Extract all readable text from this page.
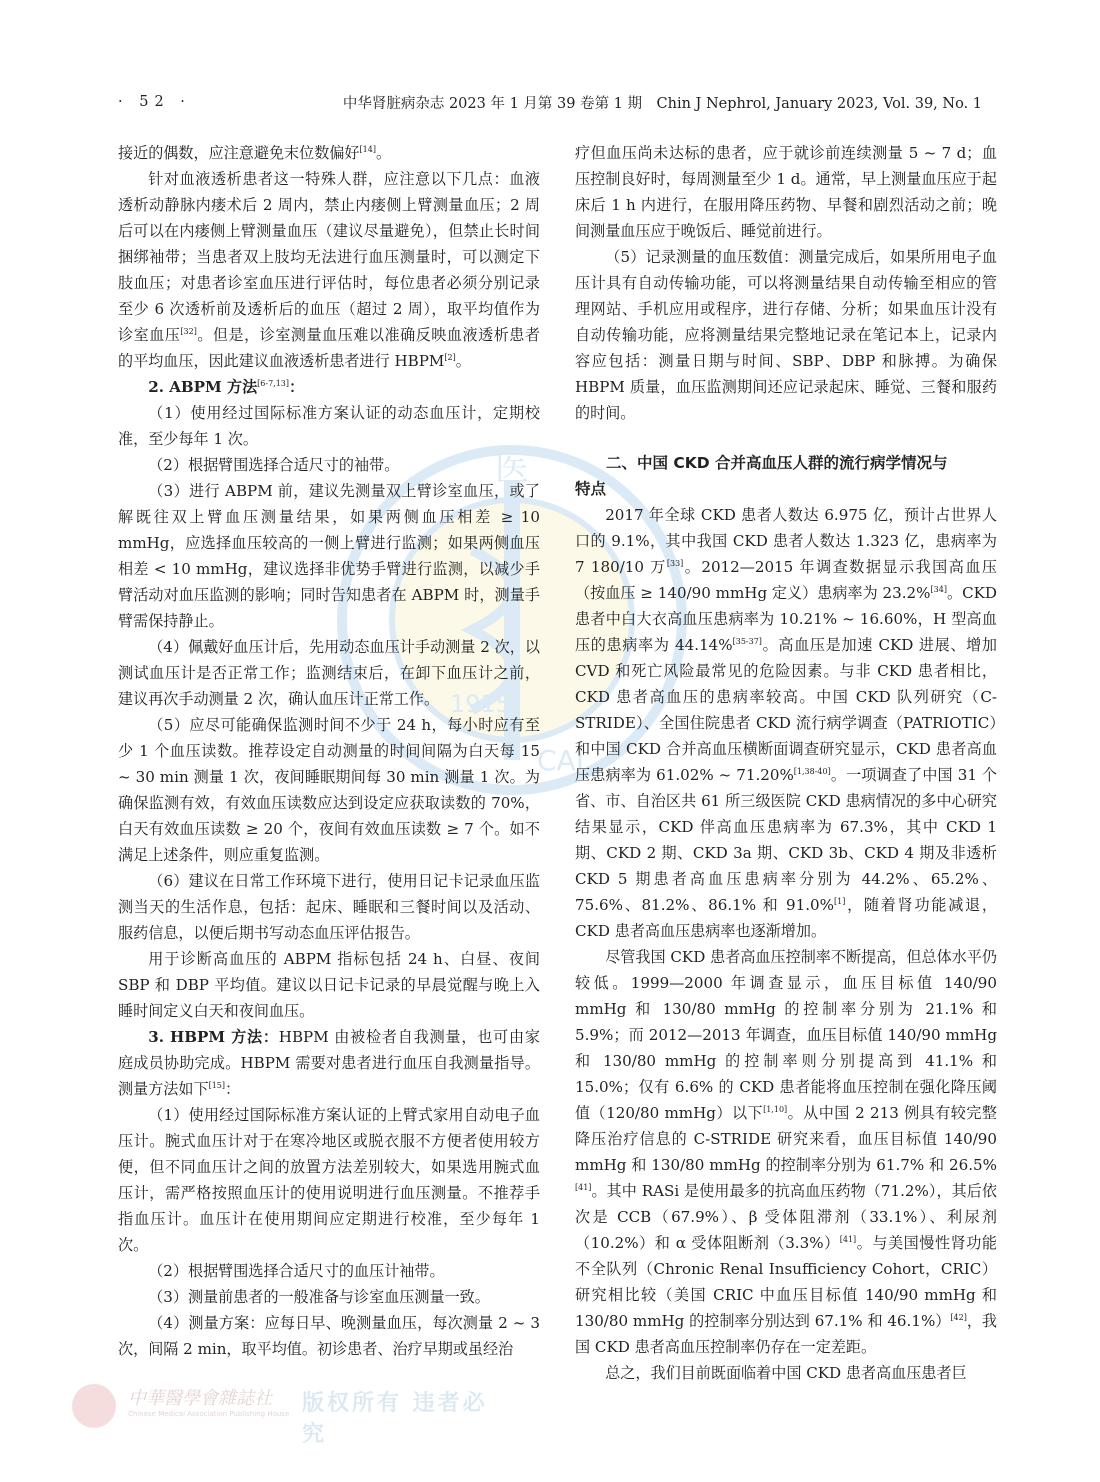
医
1915
CAL
· 52 ·	中华肾脏病杂志 2023 年 1 月第 39 卷第 1 期　Chin J Nephrol, January 2023, Vol. 39, No. 1

接近的偶数，应注意避免末位数偏好[14]。

针对血液透析患者这一特殊人群，应注意以下几点：血液透析动静脉内瘘术后 2 周内，禁止内瘘侧上臂测量血压；2 周后可以在内瘘侧上臂测量血压（建议尽量避免），但禁止长时间捆绑袖带；当患者双上肢均无法进行血压测量时，可以测定下肢血压；对患者诊室血压进行评估时，每位患者必须分别记录至少 6 次透析前及透析后的血压（超过 2 周），取平均值作为诊室血压[32]。但是，诊室测量血压难以准确反映血液透析患者的平均血压，因此建议血液透析患者进行 HBPM[2]。

2. ABPM 方法[6-7,13]：

（1）使用经过国际标准方案认证的动态血压计，定期校准，至少每年 1 次。

（2）根据臂围选择合适尺寸的袖带。

（3）进行 ABPM 前，建议先测量双上臂诊室血压，或了解既往双上臂血压测量结果，如果两侧血压相差 ≥ 10 mmHg，应选择血压较高的一侧上臂进行监测；如果两侧血压相差 < 10 mmHg，建议选择非优势手臂进行监测，以减少手臂活动对血压监测的影响；同时告知患者在 ABPM 时，测量手臂需保持静止。

（4）佩戴好血压计后，先用动态血压计手动测量 2 次，以测试血压计是否正常工作；监测结束后，在卸下血压计之前，建议再次手动测量 2 次，确认血压计正常工作。

（5）应尽可能确保监测时间不少于 24 h，每小时应有至少 1 个血压读数。推荐设定自动测量的时间间隔为白天每 15 ~ 30 min 测量 1 次，夜间睡眠期间每 30 min 测量 1 次。为确保监测有效，有效血压读数应达到设定应获取读数的 70%，白天有效血压读数 ≥ 20 个，夜间有效血压读数 ≥ 7 个。如不满足上述条件，则应重复监测。

（6）建议在日常工作环境下进行，使用日记卡记录血压监测当天的生活作息，包括：起床、睡眠和三餐时间以及活动、服药信息，以便后期书写动态血压评估报告。

用于诊断高血压的 ABPM 指标包括 24 h、白昼、夜间 SBP 和 DBP 平均值。建议以日记卡记录的早晨觉醒与晚上入睡时间定义白天和夜间血压。

3. HBPM 方法：HBPM 由被检者自我测量，也可由家庭成员协助完成。HBPM 需要对患者进行血压自我测量指导。测量方法如下[15]：

（1）使用经过国际标准方案认证的上臂式家用自动电子血压计。腕式血压计对于在寒冷地区或脱衣服不方便者使用较方便，但不同血压计之间的放置方法差别较大，如果选用腕式血压计，需严格按照血压计的使用说明进行血压测量。不推荐手指血压计。血压计在使用期间应定期进行校准，至少每年 1 次。

（2）根据臂围选择合适尺寸的血压计袖带。

（3）测量前患者的一般准备与诊室血压测量一致。

（4）测量方案：应每日早、晚测量血压，每次测量 2 ~ 3 次，间隔 2 min，取平均值。初诊患者、治疗早期或虽经治

疗但血压尚未达标的患者，应于就诊前连续测量 5 ~ 7 d；血压控制良好时，每周测量至少 1 d。通常，早上测量血压应于起床后 1 h 内进行，在服用降压药物、早餐和剧烈活动之前；晚间测量血压应于晚饭后、睡觉前进行。

（5）记录测量的血压数值：测量完成后，如果所用电子血压计具有自动传输功能，可以将测量结果自动传输至相应的管理网站、手机应用或程序，进行存储、分析；如果血压计没有自动传输功能，应将测量结果完整地记录在笔记本上，记录内容应包括：测量日期与时间、SBP、DBP 和脉搏。为确保 HBPM 质量，血压监测期间还应记录起床、睡觉、三餐和服药的时间。

二、中国 CKD 合并高血压人群的流行病学情况与
特点

2017 年全球 CKD 患者人数达 6.975 亿，预计占世界人口的 9.1%，其中我国 CKD 患者人数达 1.323 亿，患病率为 7 180/10 万[33]。2012—2015 年调查数据显示我国高血压（按血压 ≥ 140/90 mmHg 定义）患病率为 23.2%[34]。CKD 患者中白大衣高血压患病率为 10.21% ~ 16.60%，H 型高血压的患病率为 44.14%[35-37]。高血压是加速 CKD 进展、增加 CVD 和死亡风险最常见的危险因素。与非 CKD 患者相比，CKD 患者高血压的患病率较高。中国 CKD 队列研究（C-STRIDE）、全国住院患者 CKD 流行病学调查（PATRIOTIC）和中国 CKD 合并高血压横断面调查研究显示，CKD 患者高血压患病率为 61.02% ~ 71.20%[1,38-40]。一项调查了中国 31 个省、市、自治区共 61 所三级医院 CKD 患病情况的多中心研究结果显示，CKD 伴高血压患病率为 67.3%，其中 CKD 1 期、CKD 2 期、CKD 3a 期、CKD 3b、CKD 4 期及非透析 CKD 5 期患者高血压患病率分别为 44.2%、65.2%、75.6%、81.2%、86.1% 和 91.0%[1]，随着肾功能减退，CKD 患者高血压患病率也逐渐增加。

尽管我国 CKD 患者高血压控制率不断提高，但总体水平仍较低。1999—2000 年调查显示，血压目标值 140/90 mmHg 和 130/80 mmHg 的控制率分别为 21.1% 和 5.9%；而 2012—2013 年调查，血压目标值 140/90 mmHg 和 130/80 mmHg 的控制率则分别提高到 41.1% 和 15.0%；仅有 6.6% 的 CKD 患者能将血压控制在强化降压阈值（120/80 mmHg）以下[1,10]。从中国 2 213 例具有较完整降压治疗信息的 C-STRIDE 研究来看，血压目标值 140/90 mmHg 和 130/80 mmHg 的控制率分别为 61.7% 和 26.5%[41]。其中 RASi 是使用最多的抗高血压药物（71.2%），其后依次是 CCB（67.9%）、β 受体阻滞剂（33.1%）、利尿剂（10.2%）和 α 受体阻断剂（3.3%）[41]。与美国慢性肾功能不全队列（Chronic Renal Insufficiency Cohort，CRIC）研究相比较（美国 CRIC 中血压目标值 140/90 mmHg 和 130/80 mmHg 的控制率分别达到 67.1% 和 46.1%）[42]，我国 CKD 患者高血压控制率仍存在一定差距。

总之，我们目前既面临着中国 CKD 患者高血压患者巨

中華醫學會雜誌社
Chinese Medical Association Publishing House 版权所有 违者必究
